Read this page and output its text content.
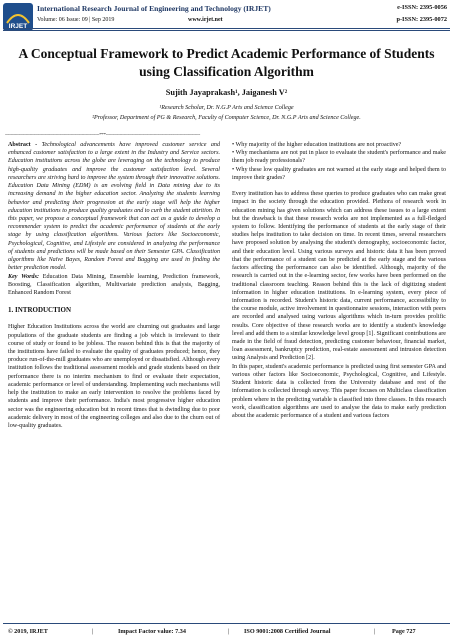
IRJET
International Research Journal of Engineering and Technology (IRJET)
Volume: 06 Issue: 09 | Sep 2019	www.irjet.net
e-ISSN: 2395-0056
p-ISSN: 2395-0072
A Conceptual Framework to Predict Academic Performance of Students using Classification Algorithm
Sujith Jayaprakash¹, Jaiganesh V²
¹Research Scholar, Dr. N.G.P Arts and Science College
²Professor, Department of PG & Research, Faculty of Computer Science, Dr. N.G.P Arts and Science College.
---------------------------------------------------------------------***---------------------------------------------------------------------

Abstract - Technological advancements have improved customer service and enhanced customer satisfaction to a large extent in the Industry and Service sectors. Education institutions across the globe are leveraging on the technology to produce high-quality graduates and improve the customer satisfaction level. Several researchers are striving hard to improve the system through their innovative solutions. Education Data Mining (EDM) is an evolving field in Data mining due to its increasing demand in the higher education sector. Analyzing the students learning behavior and predicting their progression at the early stage will help the higher education institutions to produce quality graduates and to curb the student attrition. In this paper, we propose a conceptual framework that can act as a guide to develop a recommender system to predict the academic performance of students at the early stage by using classification algorithms. Various factors like Socioeconomic, Psychological, Cognitive, and Lifestyle are considered in analyzing the performance of students and predictions will be made based on their Semester GPA. Classification algorithms like Naïve Bayes, Random Forest and Bagging are used in finding the better prediction model.

Key Words: Education Data Mining, Ensemble learning, Prediction framework, Boosting, Classification algorithm, Multivariate prediction analysis, Bagging, Enhanced Random Forest

1. INTRODUCTION

Higher Education Institutions across the world are churning out graduates and large populations of the graduate students are finding a job which is irrelevant to their course of study or found to be jobless. The reason behind this is that the majority of the institutions have failed to evaluate the quality of graduates produced; hence, they produce run-of-the-mill graduates who are unemployed or dissatisfied. Although every institution follows the traditional assessment models and grade students based on their performance there is no interim mechanism to find or evaluate their expectation, academic performance or level of understanding. Implementing such mechanisms will help the institution to make an early intervention to resolve the problems faced by students and improve their performance. India's most progressive higher education sector was the engineering education but in recent times that is dwindling due to poor academic delivery in most of the engineering colleges and also due to the churn out of low-quality graduates.

• Why majority of the higher education institutions are not proactive?

• Why mechanisms are not put in place to evaluate the student's performance and make them job ready professionals?

• Why these low quality graduates are not warned at the early stage and helped them to improve their grades?

Every institution has to address these queries to produce graduates who can make great impact in the society through the education provided. Plethora of research work in education mining has given solutions which can address these issues to a large extent but the drawback is that these research works are not implemented as a full-fledged system to follow. Identifying the performance of students at the early stage of their studies helps institution to take decision on time. In recent times, several researchers have proposed solution by analysing the student's demography, socioeconomic factor, and their education level. Using various surveys and historic data it has been proved that the performance of a student can be predicted at the early stage and the various factors affecting the performance can also be identified. Although, majority of the research is carried out in the e-learning sector, few works have been performed on the traditional classroom teaching. Reason behind this is the lack of digitizing student information in higher education institutions. In e-learning system, every piece of information is recorded. Student's historic data, current performance, accessibility to the course module, active involvement in questionnaire sessions, interaction with peers are recorded and analysed using various algorithms which in-turn provides prolific results. Core objective of these research works are to identify a student's knowledge level and add them to a similar knowledge level group [1]. Significant contributions are made in the field of fraud detection, predicting customer behaviour, financial market, loan assessment, bankruptcy prediction, real-estate assessment and intrusion detection using Analysis and Prediction [2].

In this paper, student's academic performance is predicted using first semester GPA and various other factors like Socioeconomic, Psychological, Cognitive, and Lifestyle. Student historic data is collected from the University database and rest of the information is collected through survey. This paper focuses on Multiclass classification problem where in the predicting variable is classified into three classes. In this research work, classification algorithms are used to analyse the data to make early prediction about the academic performance of a student and various factors

© 2019, IRJET	|	Impact Factor value: 7.34	| ISO 9001:2008 Certified Journal	|	Page 727
